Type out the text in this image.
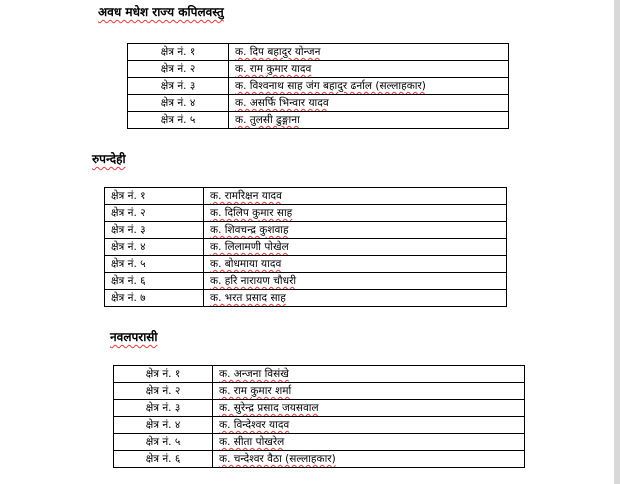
अवध मधेश राज्य कपिलवस्तु
क्षेत्र नं. १	क. दिप बहादुर योन्जन
क्षेत्र नं. २	क. राम कुमार यादव
क्षेत्र नं. ३	क. विश्वनाथ साह जंग बहादुर ढर्नाल (सल्लाहकार)
क्षेत्र नं. ४	क. असर्फि भिन्वार यादव
क्षेत्र नं. ५	क. तुलसी ढुङ्गाना
रुपन्देही
क्षेत्र नं. १	क. रामरिक्षन यादव
क्षेत्र नं. २	क. दिलिप कुमार साह
क्षेत्र नं. ३	क. शिवचन्द्र कुशवाह
क्षेत्र नं. ४	क. लिलामणी पोखेल
क्षेत्र नं. ५	क. बोधमाया यादव
क्षेत्र नं. ६	क. हरि नारायण चौधरी
क्षेत्र नं. ७	क. भरत प्रसाद साह
नवलपरासी
क्षेत्र नं. १	क. अन्जना विसंखे
क्षेत्र नं. २	क. राम कुमार शर्मा
क्षेत्र नं. ३	क. सुरेन्द्र प्रसाद जयसवाल
क्षेत्र नं. ४	क. विन्देश्वर यादव
क्षेत्र नं. ५	क. सीता पोखरेल
क्षेत्र नं. ६	क. चन्देश्वर वैठा (सल्लाहकार)
